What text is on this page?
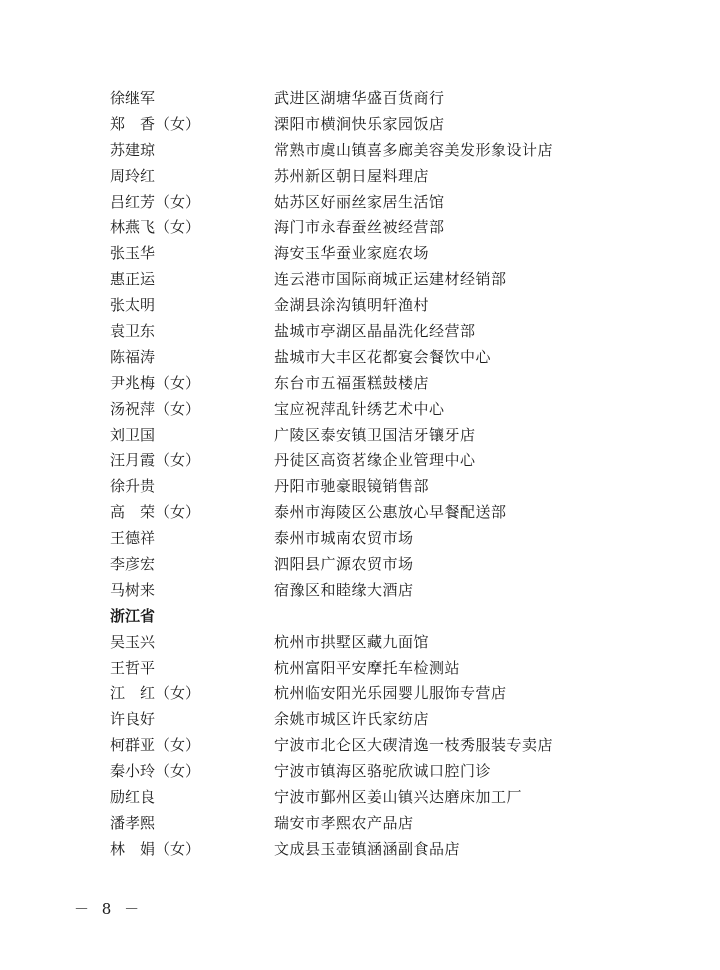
徐继军	武进区湖塘华盛百货商行
郑　香（女）	溧阳市横涧快乐家园饭店
苏建琼	常熟市虞山镇喜多廊美容美发形象设计店
周玲红	苏州新区朝日屋料理店
吕红芳（女）	姑苏区好丽丝家居生活馆
林燕飞（女）	海门市永春蚕丝被经营部
张玉华	海安玉华蚕业家庭农场
惠正运	连云港市国际商城正运建材经销部
张太明	金湖县涂沟镇明轩渔村
袁卫东	盐城市亭湖区晶晶洗化经营部
陈福涛	盐城市大丰区花都宴会餐饮中心
尹兆梅（女）	东台市五福蛋糕鼓楼店
汤祝萍（女）	宝应祝萍乱针绣艺术中心
刘卫国	广陵区泰安镇卫国洁牙镶牙店
汪月霞（女）	丹徒区高资茗缘企业管理中心
徐升贵	丹阳市驰豪眼镜销售部
高　荣（女）	泰州市海陵区公惠放心早餐配送部
王德祥	泰州市城南农贸市场
李彦宏	泗阳县广源农贸市场
马树来	宿豫区和睦缘大酒店
浙江省
吴玉兴	杭州市拱墅区藏九面馆
王哲平	杭州富阳平安摩托车检测站
江　红（女）	杭州临安阳光乐园婴儿服饰专营店
许良好	余姚市城区许氏家纺店
柯群亚（女）	宁波市北仑区大碶清逸一枝秀服装专卖店
秦小玲（女）	宁波市镇海区骆驼欣诚口腔门诊
励红良	宁波市鄞州区姜山镇兴达磨床加工厂
潘孝熙	瑞安市孝熙农产品店
林　娟（女）	文成县玉壶镇涵涵副食品店
－ 8 －
